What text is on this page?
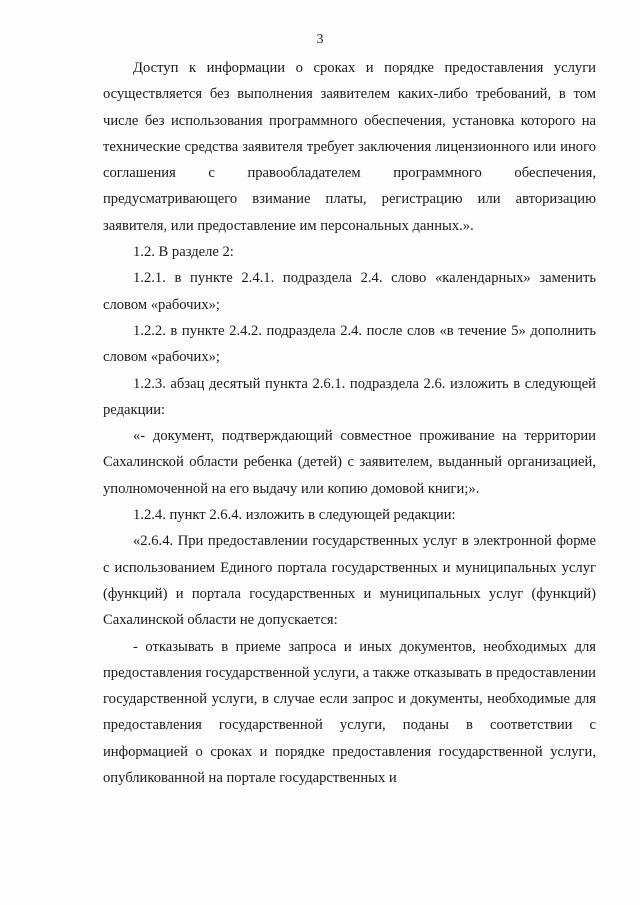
3

Доступ к информации о сроках и порядке предоставления услуги осуществляется без выполнения заявителем каких-либо требований, в том числе без использования программного обеспечения, установка которого на технические средства заявителя требует заключения лицензионного или иного соглашения с правообладателем программного обеспечения, предусматривающего взимание платы, регистрацию или авторизацию заявителя, или предоставление им персональных данных.».

1.2. В разделе 2:

1.2.1. в пункте 2.4.1. подраздела 2.4. слово «календарных» заменить словом «рабочих»;

1.2.2. в пункте 2.4.2. подраздела 2.4. после слов «в течение 5» дополнить словом «рабочих»;

1.2.3. абзац десятый пункта 2.6.1. подраздела 2.6. изложить в следующей редакции:

«- документ, подтверждающий совместное проживание на территории Сахалинской области ребенка (детей) с заявителем, выданный организацией, уполномоченной на его выдачу или копию домовой книги;».

1.2.4. пункт 2.6.4. изложить в следующей редакции:

«2.6.4. При предоставлении государственных услуг в электронной форме с использованием Единого портала государственных и муниципальных услуг (функций) и портала государственных и муниципальных услуг (функций) Сахалинской области не допускается:

- отказывать в приеме запроса и иных документов, необходимых для предоставления государственной услуги, а также отказывать в предоставлении государственной услуги, в случае если запрос и документы, необходимые для предоставления государственной услуги, поданы в соответствии с информацией о сроках и порядке предоставления государственной услуги, опубликованной на портале государственных и
